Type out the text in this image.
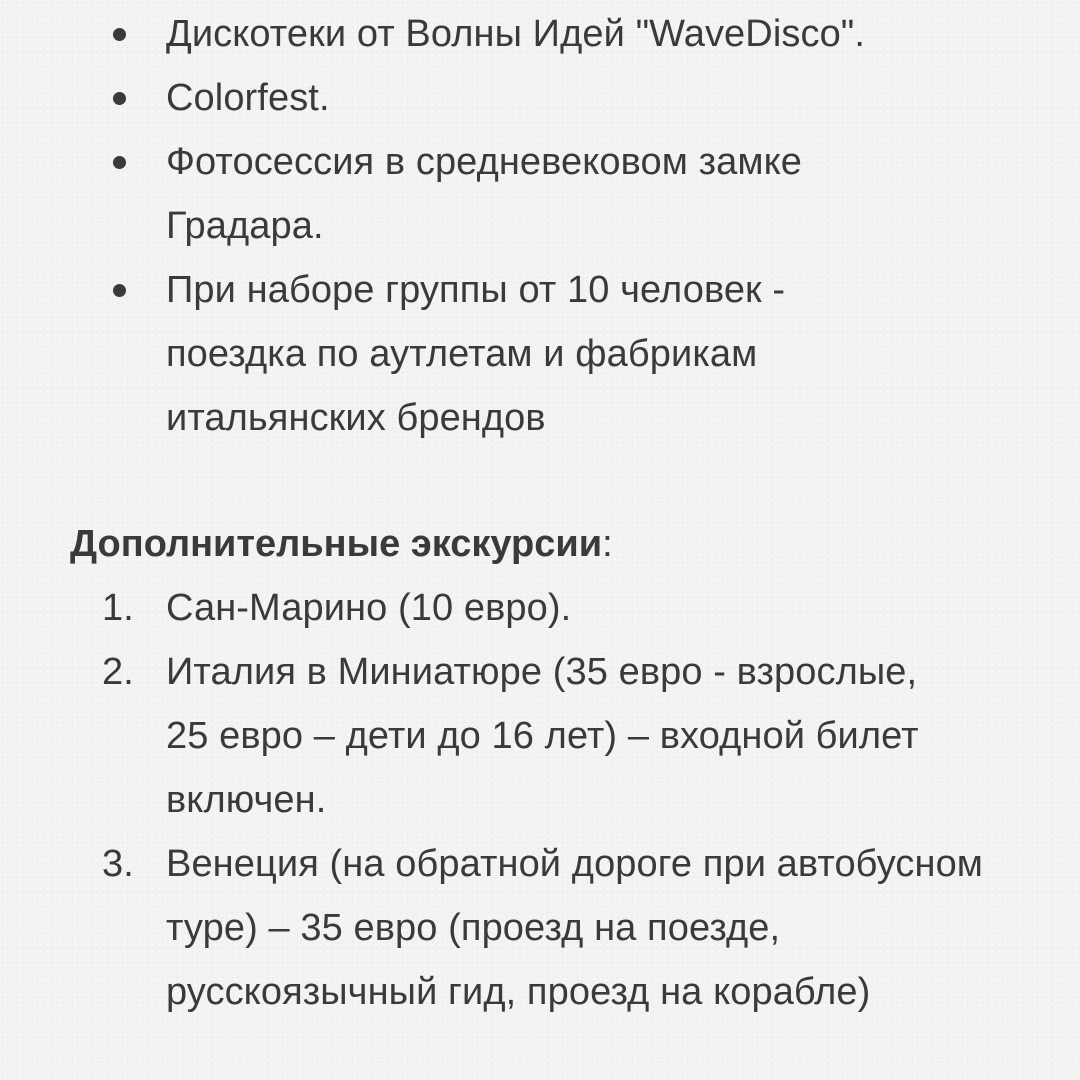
Дискотеки от Волны Идей "WaveDisco".
Colorfest.
Фотосессия в средневековом замке Градара.
При наборе группы от 10 человек - поездка по аутлетам и фабрикам итальянских брендов
Дополнительные экскурсии:
1. Сан-Марино (10 евро).
2. Италия в Миниатюре (35 евро - взрослые, 25 евро – дети до 16 лет) – входной билет включен.
3. Венеция (на обратной дороге при автобусном туре) – 35 евро (проезд на поезде, русскоязычный гид, проезд на корабле)
